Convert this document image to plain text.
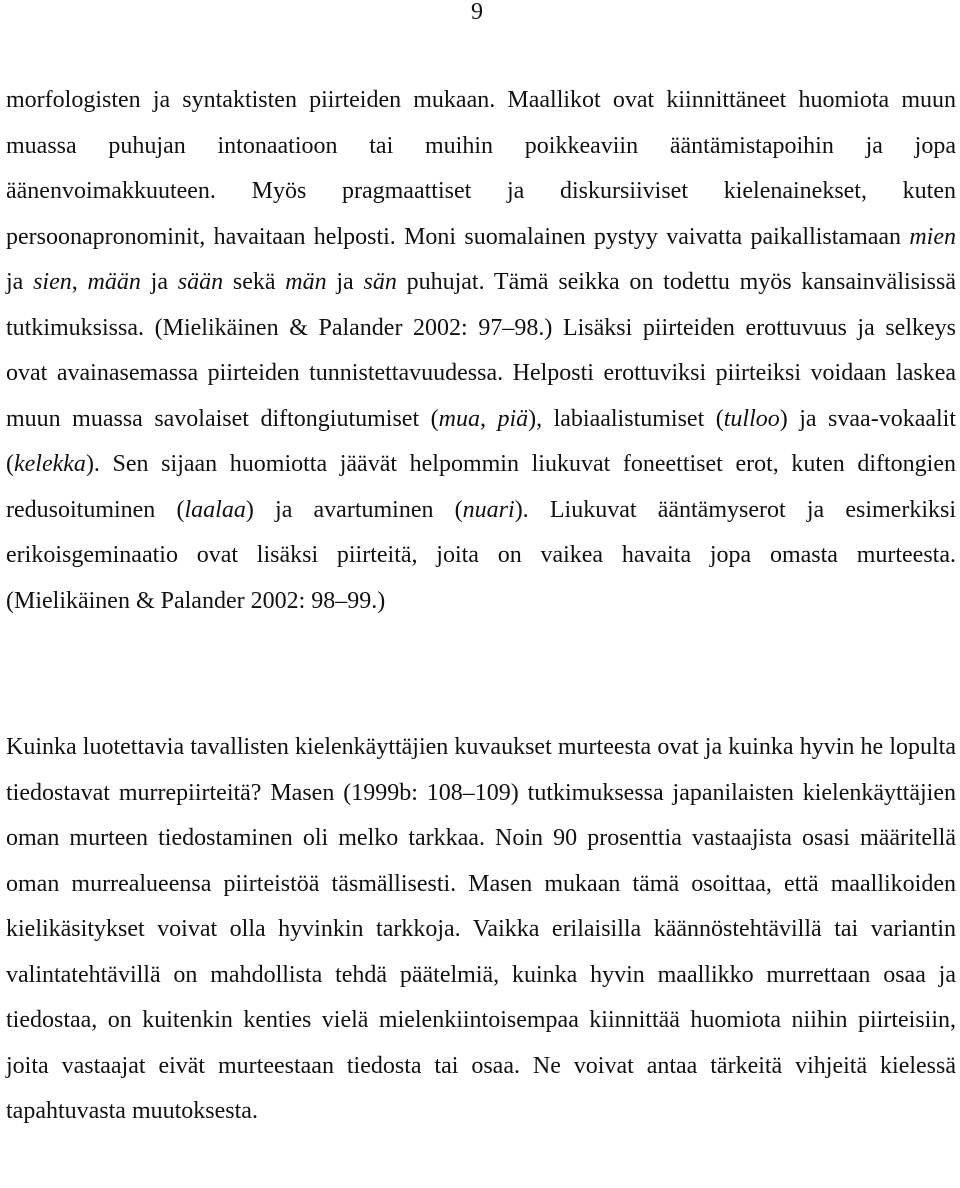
9

morfologisten ja syntaktisten piirteiden mukaan. Maallikot ovat kiinnittäneet huomiota muun muassa puhujan intonaatioon tai muihin poikkeaviin ääntämistapoihin ja jopa äänenvoimakkuuteen. Myös pragmaattiset ja diskursiiviset kielenainekset, kuten persoonapronominit, havaitaan helposti. Moni suomalainen pystyy vaivatta paikallistamaan mien ja sien, mään ja sään sekä män ja sän puhujat. Tämä seikka on todettu myös kansainvälisissä tutkimuksissa. (Mielikäinen & Palander 2002: 97–98.) Lisäksi piirteiden erottuvuus ja selkeys ovat avainasemassa piirteiden tunnistettavuudessa. Helposti erottuviksi piirteiksi voidaan laskea muun muassa savolaiset diftongiutumiset (mua, piä), labiaalistumiset (tulloo) ja svaa-vokaalit (kelekka). Sen sijaan huomiotta jäävät helpommin liukuvat foneettiset erot, kuten diftongien redusoituminen (laalaa) ja avartuminen (nuari). Liukuvat ääntämyserot ja esimerkiksi erikoisgeminaatio ovat lisäksi piirteitä, joita on vaikea havaita jopa omasta murteesta. (Mielikäinen & Palander 2002: 98–99.)

Kuinka luotettavia tavallisten kielenkäyttäjien kuvaukset murteesta ovat ja kuinka hyvin he lopulta tiedostavat murrepiirteitä? Masen (1999b: 108–109) tutkimuksessa japanilaisten kielenkäyttäjien oman murteen tiedostaminen oli melko tarkkaa. Noin 90 prosenttia vastaajista osasi määritellä oman murrealueensa piirteistöä täsmällisesti. Masen mukaan tämä osoittaa, että maallikoiden kielikäsitykset voivat olla hyvinkin tarkkoja. Vaikka erilaisilla käännöstehtävillä tai variantin valintatehtävillä on mahdollista tehdä päätelmiä, kuinka hyvin maallikko murrettaan osaa ja tiedostaa, on kuitenkin kenties vielä mielenkiintoisempaa kiinnittää huomiota niihin piirteisiin, joita vastaajat eivät murteestaan tiedosta tai osaa. Ne voivat antaa tärkeitä vihjeitä kielessä tapahtuvasta muutoksesta.
